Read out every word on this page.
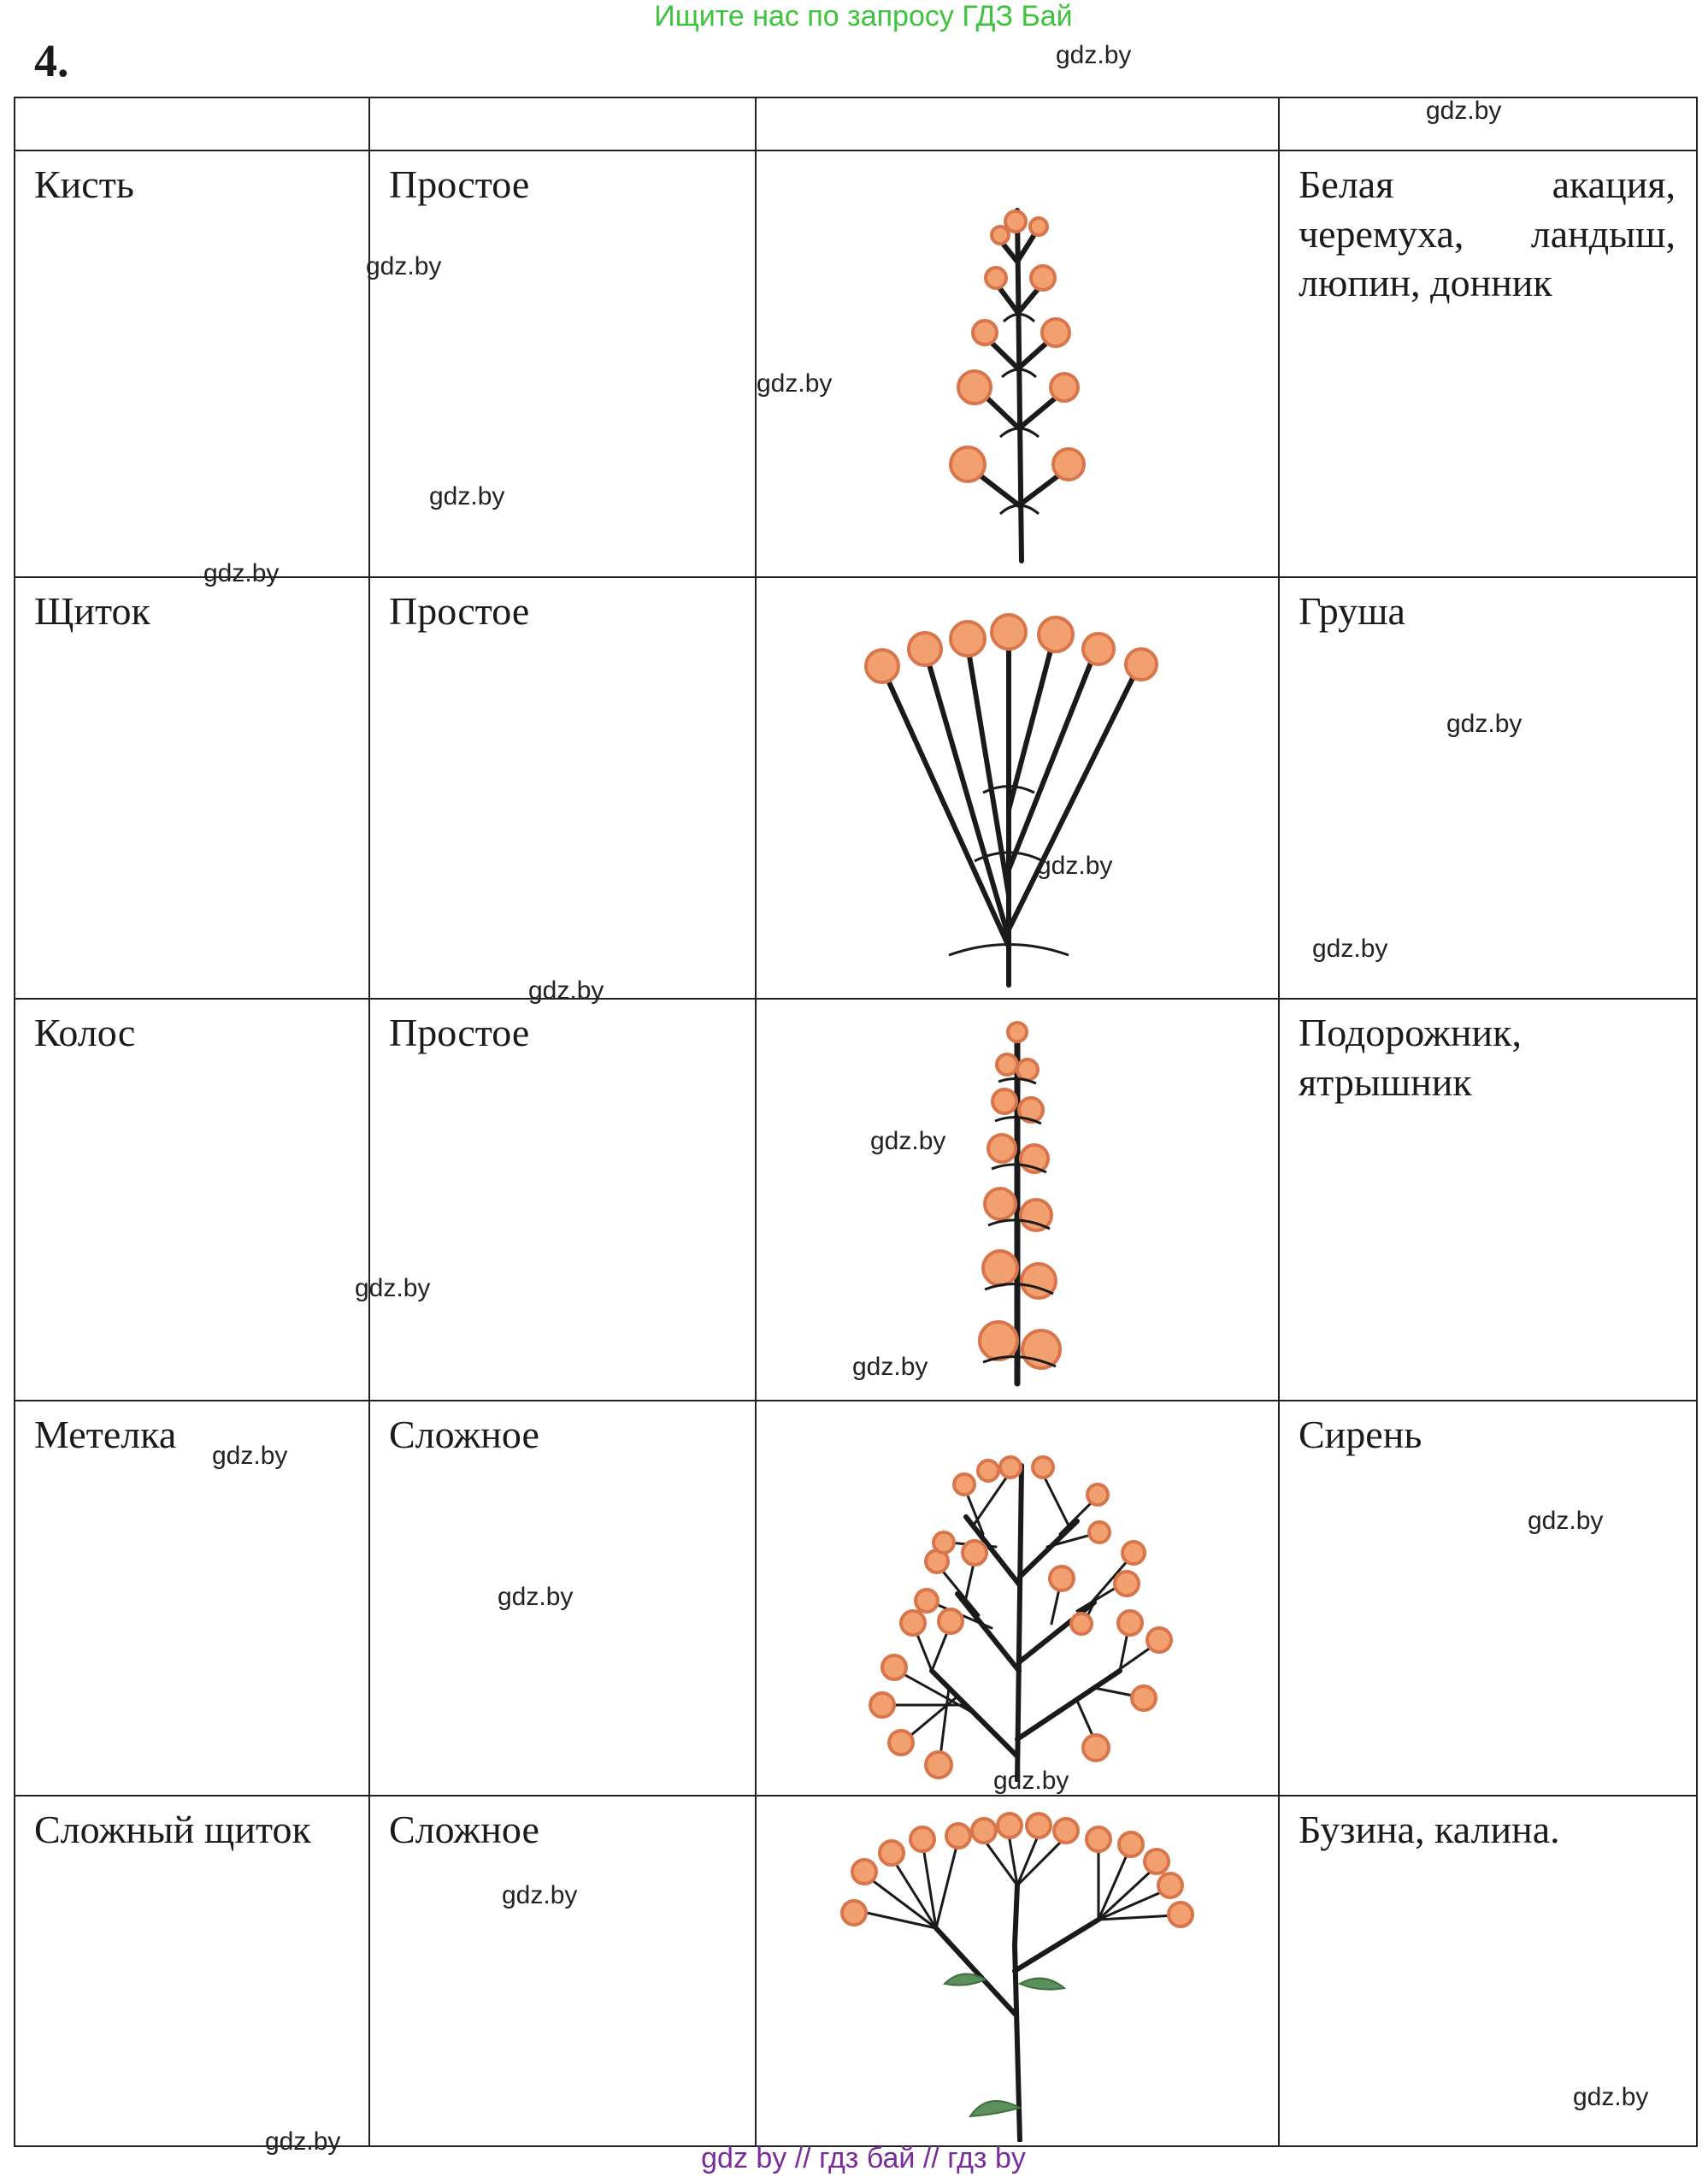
Ищите нас по запросу ГДЗ Бай
4.

Кисть	Простое		Белая акация, черемуха, ландыш, люпин, донник

Щиток	Простое		Груша

Колос	Простое		Подорожник, ятрышник

Метелка	Сложное		Сирень

Сложный щиток	Сложное		Бузина, калина.
gdz.by
gdz.by
gdz.by
gdz.by
gdz.by
gdz.by
gdz.by
gdz.by
gdz.by
gdz.by
gdz.by
gdz.by
gdz.by
gdz.by
gdz.by
gdz.by
gdz.by
gdz.by
gdz.by
gdz.by
gdz by // гдз бай // гдз by
